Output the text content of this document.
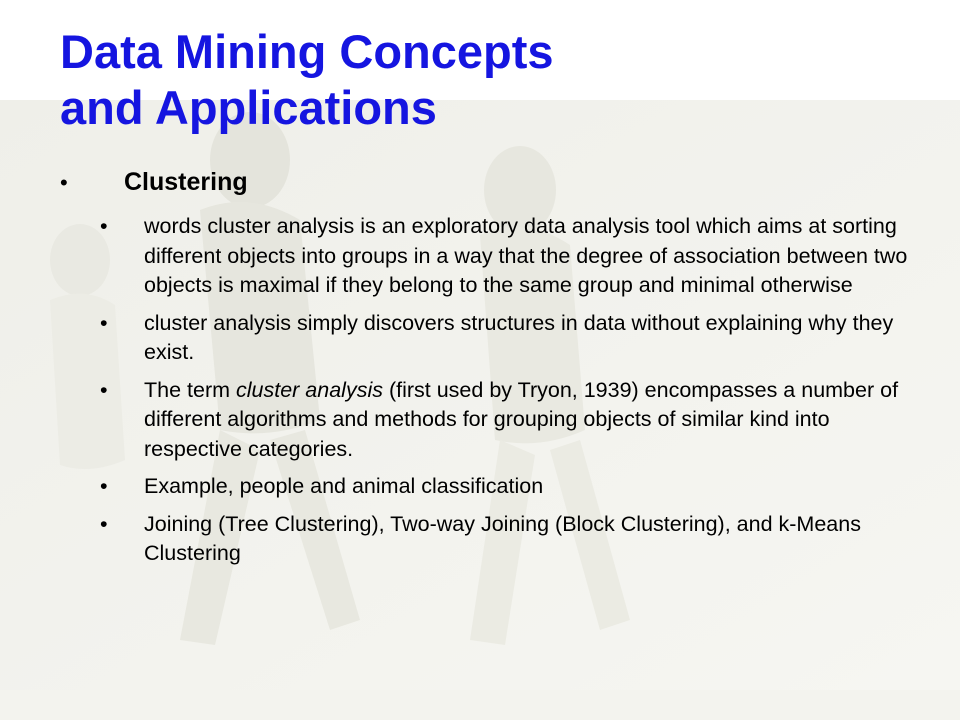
Data Mining Concepts
and Applications
•	Clustering
•	words cluster analysis is an exploratory data analysis tool which aims at sorting different objects into groups in a way that the degree of association between two objects is maximal if they belong to the same group and minimal otherwise
•	cluster analysis simply discovers structures in data without explaining why they exist.
•	The term cluster analysis (first used by Tryon, 1939) encompasses a number of different algorithms and methods for grouping objects of similar kind into respective categories.
•	Example, people and animal classification
•	Joining (Tree Clustering), Two-way Joining (Block Clustering), and k-Means Clustering
